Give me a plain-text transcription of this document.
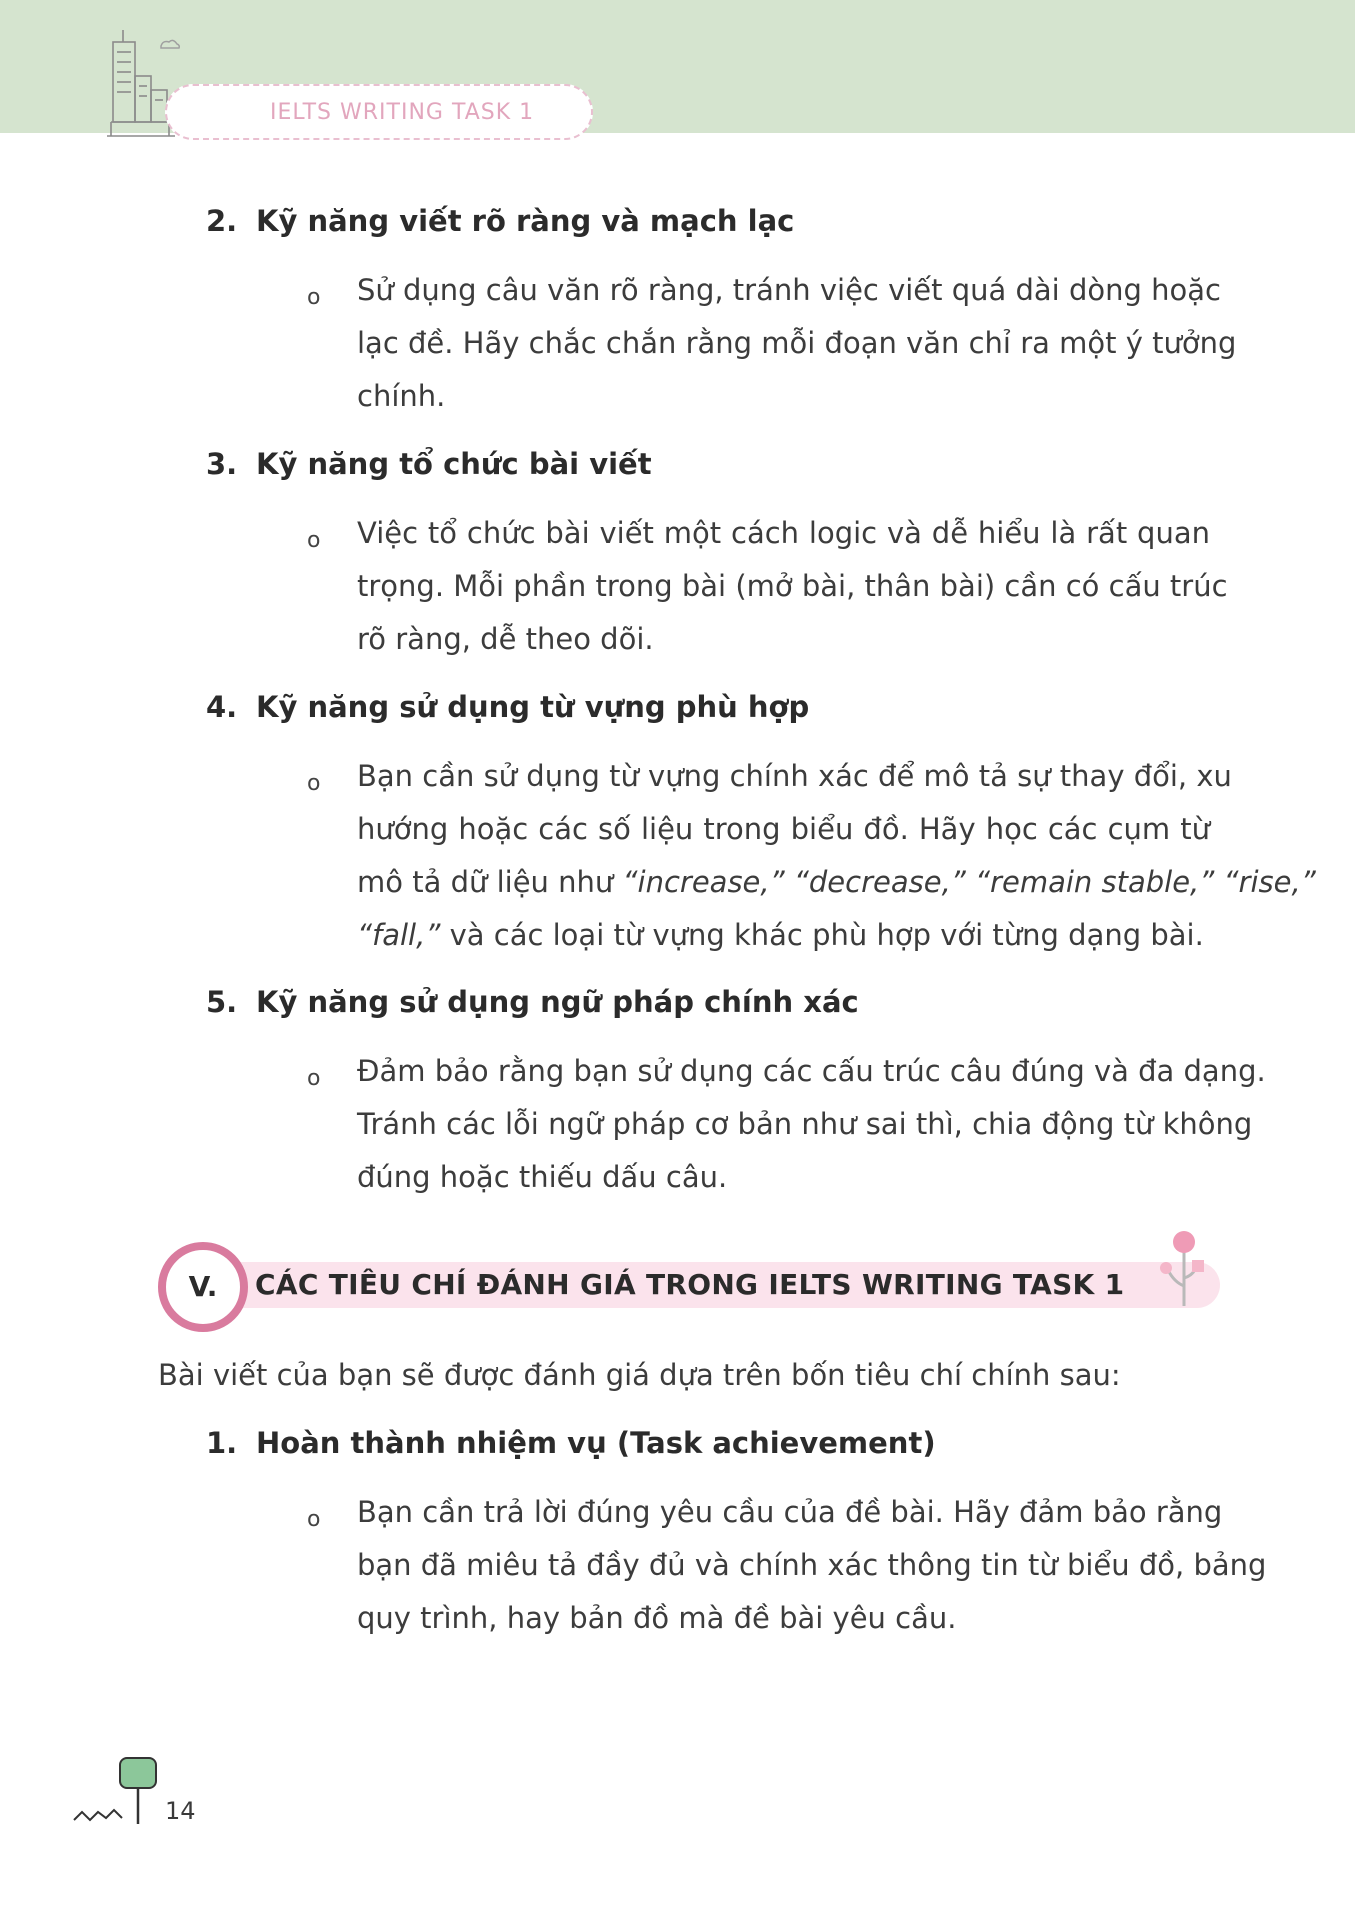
IELTS WRITING TASK 1
2. Kỹ năng viết rõ ràng và mạch lạc
o Sử dụng câu văn rõ ràng, tránh việc viết quá dài dòng hoặc
lạc đề. Hãy chắc chắn rằng mỗi đoạn văn chỉ ra một ý tưởng
chính.
3. Kỹ năng tổ chức bài viết
o Việc tổ chức bài viết một cách logic và dễ hiểu là rất quan
trọng. Mỗi phần trong bài (mở bài, thân bài) cần có cấu trúc
rõ ràng, dễ theo dõi.
4. Kỹ năng sử dụng từ vựng phù hợp
o Bạn cần sử dụng từ vựng chính xác để mô tả sự thay đổi, xu
hướng hoặc các số liệu trong biểu đồ. Hãy học các cụm từ
mô tả dữ liệu như “increase,” “decrease,” “remain stable,” “rise,”
“fall,” và các loại từ vựng khác phù hợp với từng dạng bài.
5. Kỹ năng sử dụng ngữ pháp chính xác
o Đảm bảo rằng bạn sử dụng các cấu trúc câu đúng và đa dạng.
Tránh các lỗi ngữ pháp cơ bản như sai thì, chia động từ không
đúng hoặc thiếu dấu câu.
V.	CÁC TIÊU CHÍ ĐÁNH GIÁ TRONG IELTS WRITING TASK 1
Bài viết của bạn sẽ được đánh giá dựa trên bốn tiêu chí chính sau:
1. Hoàn thành nhiệm vụ (Task achievement)
o Bạn cần trả lời đúng yêu cầu của đề bài. Hãy đảm bảo rằng
bạn đã miêu tả đầy đủ và chính xác thông tin từ biểu đồ, bảng
quy trình, hay bản đồ mà đề bài yêu cầu.
14
